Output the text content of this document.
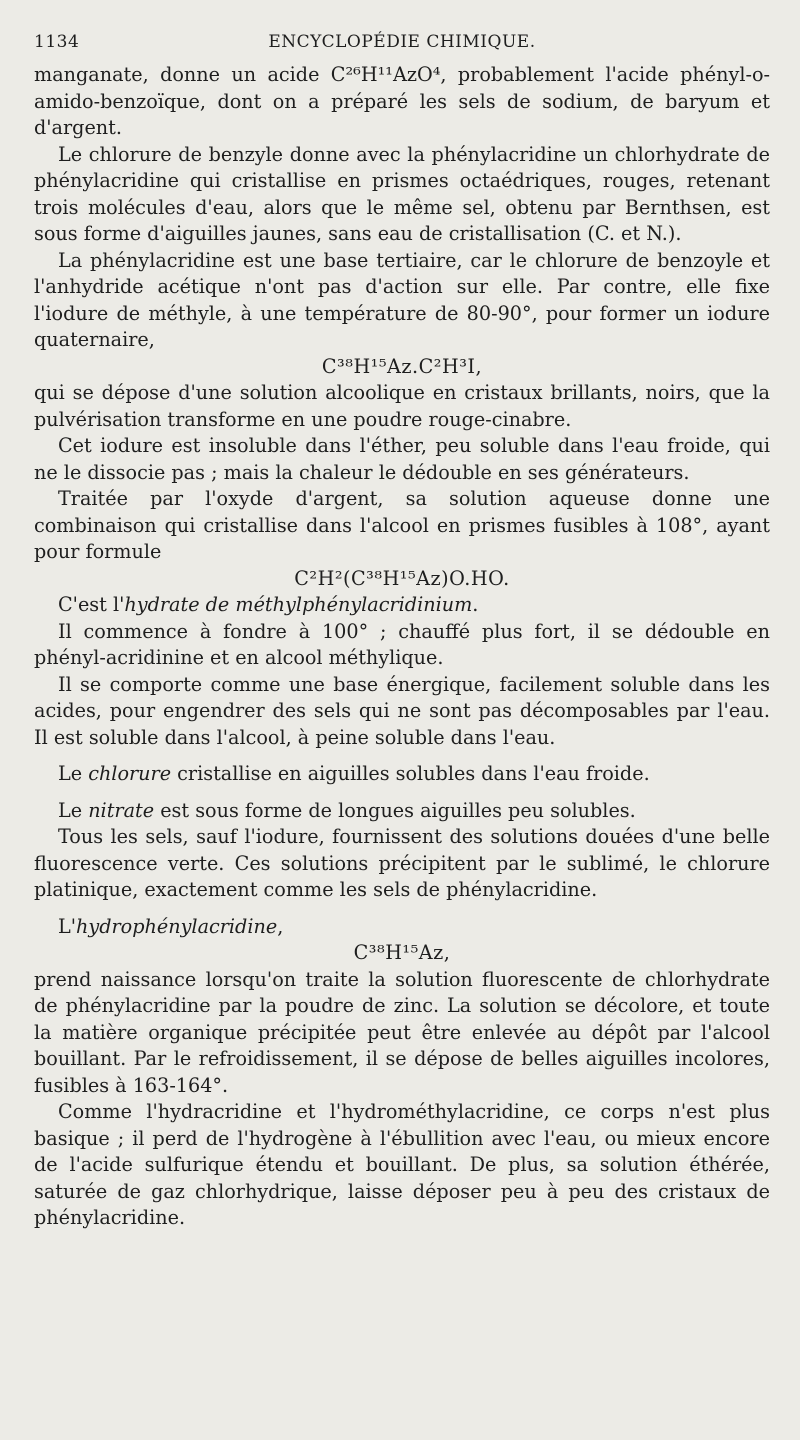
1134	ENCYCLOPÉDIE CHIMIQUE.

manganate, donne un acide C²⁶H¹¹AzO⁴, probablement l'acide phényl-o-amido-benzoïque, dont on a préparé les sels de sodium, de baryum et d'argent.

Le chlorure de benzyle donne avec la phénylacridine un chlorhydrate de phénylacridine qui cristallise en prismes octaédriques, rouges, retenant trois molécules d'eau, alors que le même sel, obtenu par Bernthsen, est sous forme d'aiguilles jaunes, sans eau de cristallisation (C. et N.).

La phénylacridine est une base tertiaire, car le chlorure de benzoyle et l'anhydride acétique n'ont pas d'action sur elle. Par contre, elle fixe l'iodure de méthyle, à une température de 80-90°, pour former un iodure quaternaire,

C³⁸H¹⁵Az.C²H³I,

qui se dépose d'une solution alcoolique en cristaux brillants, noirs, que la pulvérisation transforme en une poudre rouge-cinabre.

Cet iodure est insoluble dans l'éther, peu soluble dans l'eau froide, qui ne le dissocie pas ; mais la chaleur le dédouble en ses générateurs.

Traitée par l'oxyde d'argent, sa solution aqueuse donne une combinaison qui cristallise dans l'alcool en prismes fusibles à 108°, ayant pour formule

C²H²(C³⁸H¹⁵Az)O.HO.

C'est l'hydrate de méthylphénylacridinium.

Il commence à fondre à 100° ; chauffé plus fort, il se dédouble en phényl-acridinine et en alcool méthylique.

Il se comporte comme une base énergique, facilement soluble dans les acides, pour engendrer des sels qui ne sont pas décomposables par l'eau. Il est soluble dans l'alcool, à peine soluble dans l'eau.

Le chlorure cristallise en aiguilles solubles dans l'eau froide.

Le nitrate est sous forme de longues aiguilles peu solubles.

Tous les sels, sauf l'iodure, fournissent des solutions douées d'une belle fluorescence verte. Ces solutions précipitent par le sublimé, le chlorure platinique, exactement comme les sels de phénylacridine.

L'hydrophénylacridine,

C³⁸H¹⁵Az,

prend naissance lorsqu'on traite la solution fluorescente de chlorhydrate de phénylacridine par la poudre de zinc. La solution se décolore, et toute la matière organique précipitée peut être enlevée au dépôt par l'alcool bouillant. Par le refroidissement, il se dépose de belles aiguilles incolores, fusibles à 163-164°.

Comme l'hydracridine et l'hydrométhylacridine, ce corps n'est plus basique ; il perd de l'hydrogène à l'ébullition avec l'eau, ou mieux encore de l'acide sulfurique étendu et bouillant. De plus, sa solution éthérée, saturée de gaz chlorhydrique, laisse déposer peu à peu des cristaux de phénylacridine.
